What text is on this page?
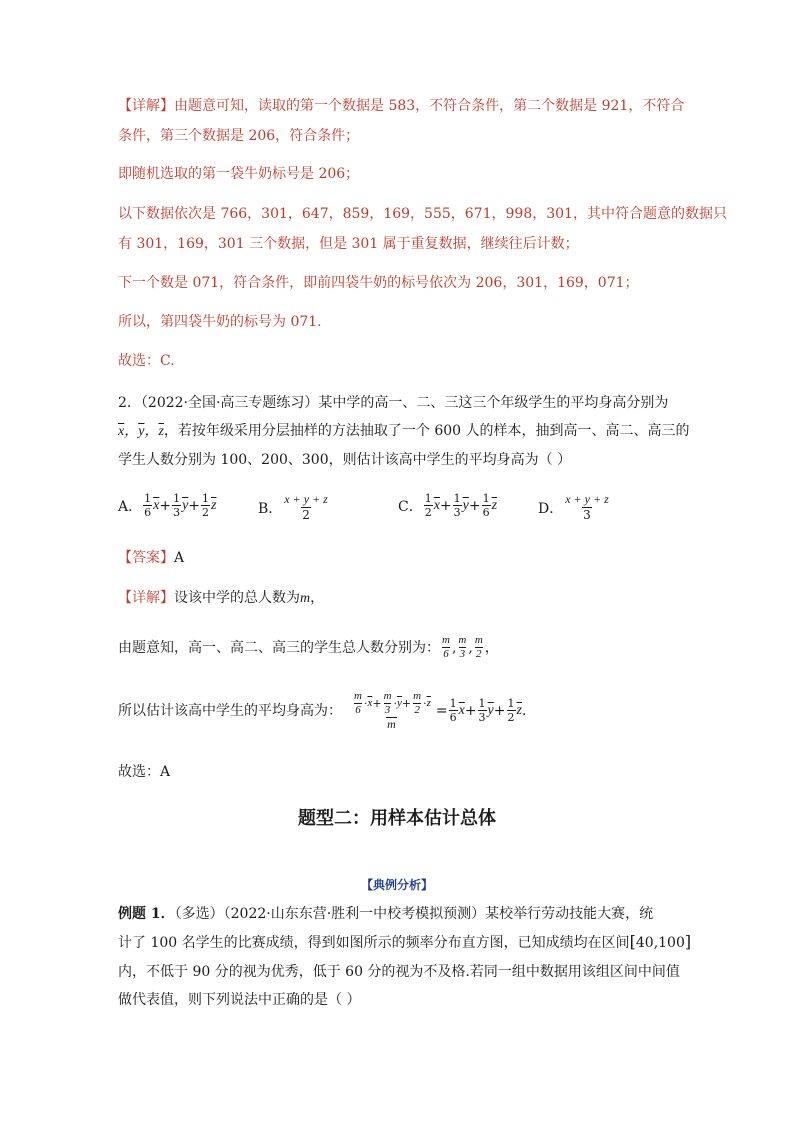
【详解】由题意可知，读取的第一个数据是 583，不符合条件，第二个数据是 921，不符合
条件，第三个数据是 206，符合条件；
即随机选取的第一袋牛奶标号是 206；
以下数据依次是 766，301，647，859，169，555，671，998，301，其中符合题意的数据只
有 301，169，301 三个数据，但是 301 属于重复数据，继续往后计数；
下一个数是 071，符合条件，即前四袋牛奶的标号依次为 206，301，169，071；
所以，第四袋牛奶的标号为 071.
故选：C.
2．（2022·全国·高三专题练习）某中学的高一、二、三这三个年级学生的平均身高分别为
$\overline{x}$，$\overline{y}$，$\overline{z}$，若按年级采用分层抽样的方法抽取了一个 600 人的样本，抽到高一、高二、高三的
学生人数分别为 100、200、300，则估计该高中学生的平均身高为（ ）
A． $\frac{1}{6} \overline{x} + \frac{1}{3} \overline{y} + \frac{1}{2} \overline{z}$	B． $\frac{x + y + z}{2}$	C． $\frac{1}{2} \overline{x} + \frac{1}{3} \overline{y} + \frac{1}{6} \overline{z}$	D． $\frac{x + y + z}{3}$
【答案】A
【详解】设该中学的总人数为m，
由题意知，高一、高二、高三的学生总人数分别为： $\frac{m}{6}$ , $\frac{m}{3}$ , $\frac{m}{2}$ ，
所以估计该高中学生的平均身高为： $\frac{\frac{m}{6} \cdot \overline{x} + \frac{m}{3} \cdot \overline{y} + \frac{m}{2} \cdot \overline{z}}{m} = \frac{1}{6} \overline{x} + \frac{1}{3} \overline{y} + \frac{1}{2} \overline{z}$ .
故选：A
题型二：用样本估计总体
【典例分析】
例题 1．（多选）（2022·山东东营·胜利一中校考模拟预测）某校举行劳动技能大赛，统
计了 100 名学生的比赛成绩，得到如图所示的频率分布直方图，已知成绩均在区间[40,100]
内，不低于 90 分的视为优秀，低于 60 分的视为不及格.若同一组中数据用该组区间中间值
做代表值，则下列说法中正确的是（ ）
